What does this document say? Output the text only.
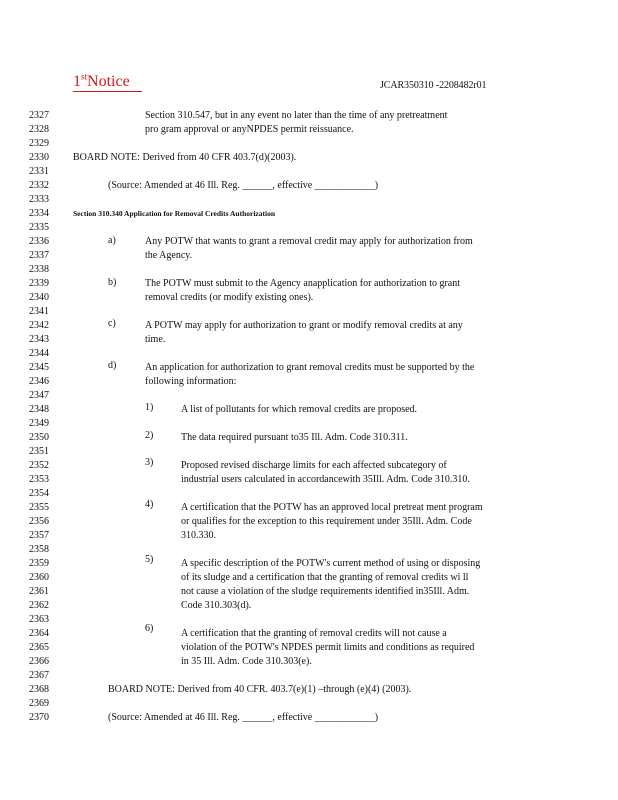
1stNotice	JCAR350310 -2208482r01
2327	Section 310.547, but in any event no later than the time of any pretreatment
2328	pro gram approval or anyNPDES permit reissuance.
2329
2330 BOARD NOTE: Derived from 40 CFR 403.7(d)(2003).
2331
2332	(Source: Amended at 46 Ill. Reg. ______, effective ____________)
2333
2334	Section 310.340 Application for Removal Credits Authorization
2335
2336	Any POTW that wants to grant a removal credit may apply for authorization from
2337	the Agency.
2338
2339	The POTW must submit to the Agency anapplication for authorization to grant
2340	removal credits (or modify existing ones).
2341
2342	A POTW may apply for authorization to grant or modify removal credits at any
2343	time.
2344
2345	An application for authorization to grant removal credits must be supported by the
2346	following information:
2347
2348	A list of pollutants for which removal credits are proposed.
2349
2350	The data required pursuant to35 Ill. Adm. Code 310.311.
2351
2352	Proposed revised discharge limits for each affected subcategory of
2353	industrial users calculated in accordancewith 35Ill. Adm. Code 310.310.
2354
2355	A certification that the POTW has an approved local pretreat ment program
2356	or qualifies for the exception to this requirement under 35Ill. Adm. Code
2357	310.330.
2358
2359	A specific description of the POTW's current method of using or disposing
2360	of its sludge and a certification that the granting of removal credits wi ll
2361	not cause a violation of the sludge requirements identified in35Ill. Adm.
2362	Code 310.303(d).
2363
2364	A certification that the granting of removal credits will not cause a
2365	violation of the POTW's NPDES permit limits and conditions as required
2366	in 35 Ill. Adm. Code 310.303(e).
2367
2368	BOARD NOTE: Derived from 40 CFR. 403.7(e)(1) –through (e)(4) (2003).
2369
2370	(Source: Amended at 46 Ill. Reg. ______, effective ____________)
a)
b)
c)
d)
1)
2)
3)
4)
5)
6)
